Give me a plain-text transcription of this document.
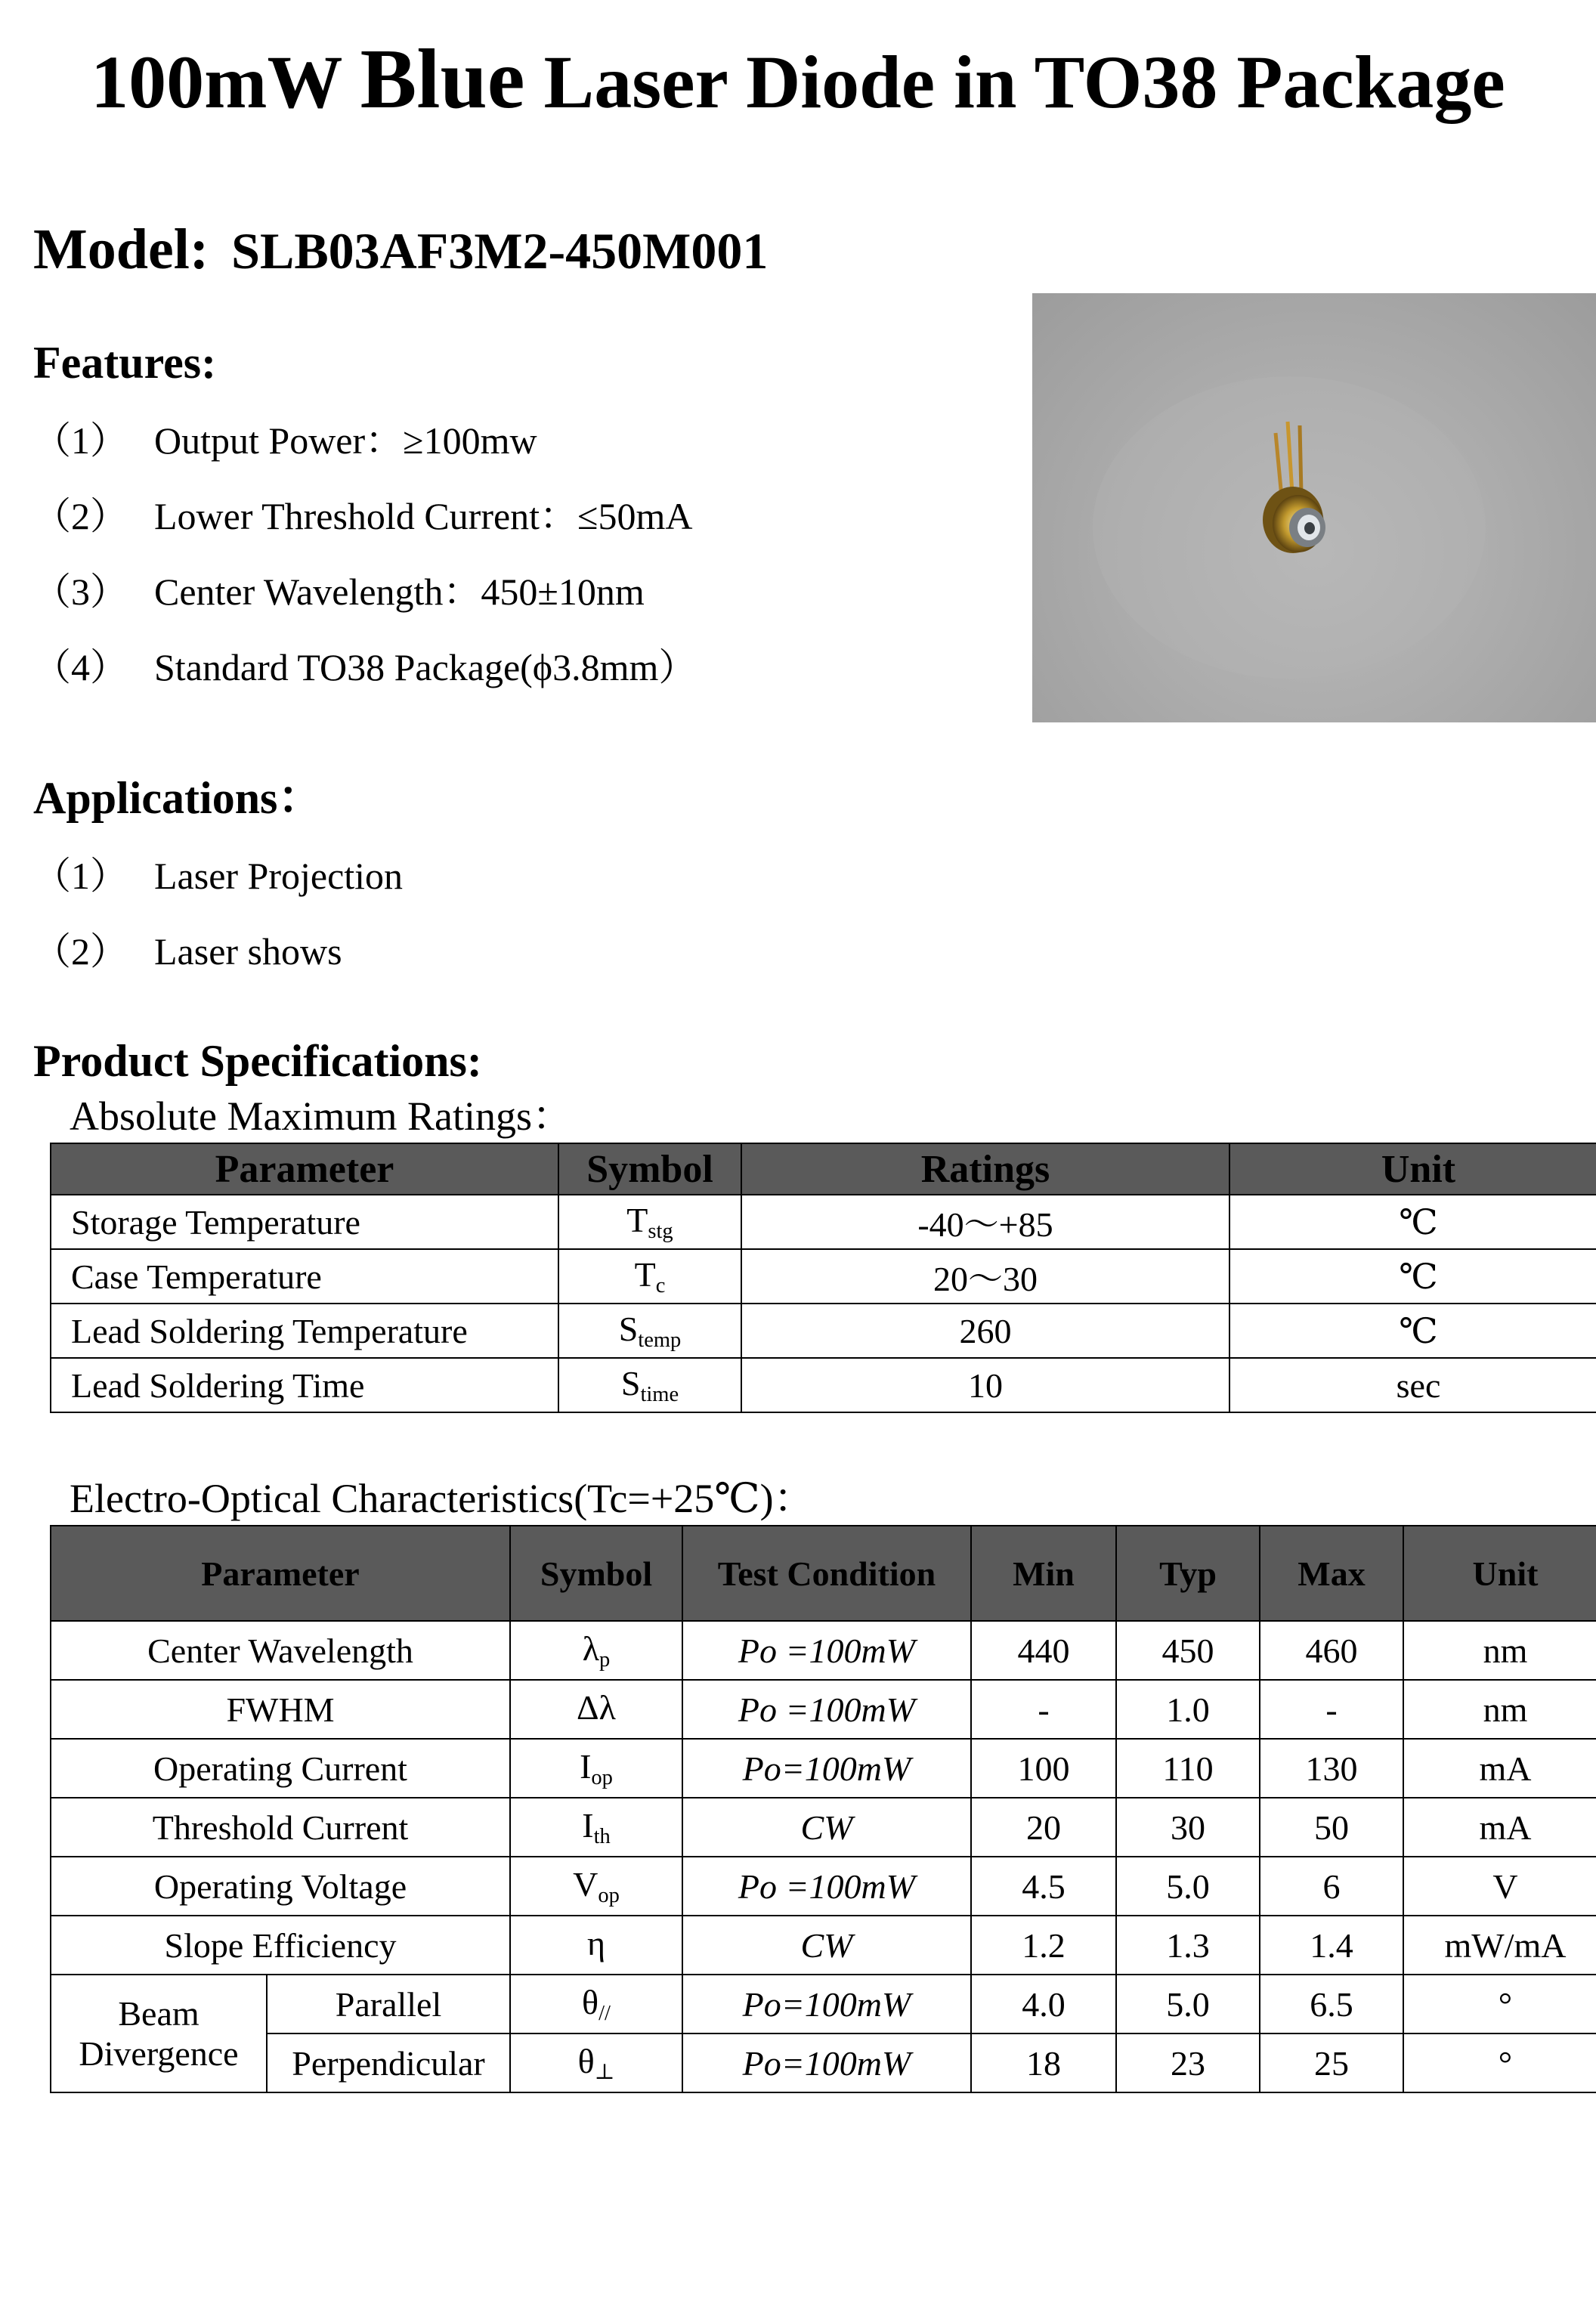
100mW Blue Laser Diode in TO38 Package
Model: SLB03AF3M2-450M001
Features:
（1） Output Power：≥100mw
（2） Lower Threshold Current：≤50mA
（3） Center Wavelength：450±10nm
（4） Standard TO38 Package(ϕ3.8mm）
Applications：
（1） Laser Projection
（2） Laser shows
Product Specifications:
Absolute Maximum Ratings：
Parameter	Symbol	Ratings	Unit
Storage Temperature	$T_{stg}$	-40～+85	℃
Case Temperature	$T_c$	20～30	℃
Lead Soldering Temperature	$S_{temp}$	260	℃
Lead Soldering Time	$S_{time}$	10	sec
Electro-Optical Characteristics(Tc=+25℃)：
Parameter		Symbol	Test Condition	Min	Typ	Max	Unit
Center Wavelength		$\lambda_p$	Po =100mW	440	450	460	nm
FWHM		Δλ	Po =100mW	-	1.0	-	nm
Operating Current		$I_{op}$	Po=100mW	100	110	130	mA
Threshold Current		$I_{th}$	CW	20	30	50	mA
Operating Voltage		$V_{op}$	Po =100mW	4.5	5.0	6	V
Slope Efficiency		η	CW	1.2	1.3	1.4	mW/mA
Beam
Divergence	Parallel	$\theta_{//}$	Po=100mW	4.0	5.0	6.5	°
	Perpendicular	$\theta_\perp$	Po=100mW	18	23	25	°
